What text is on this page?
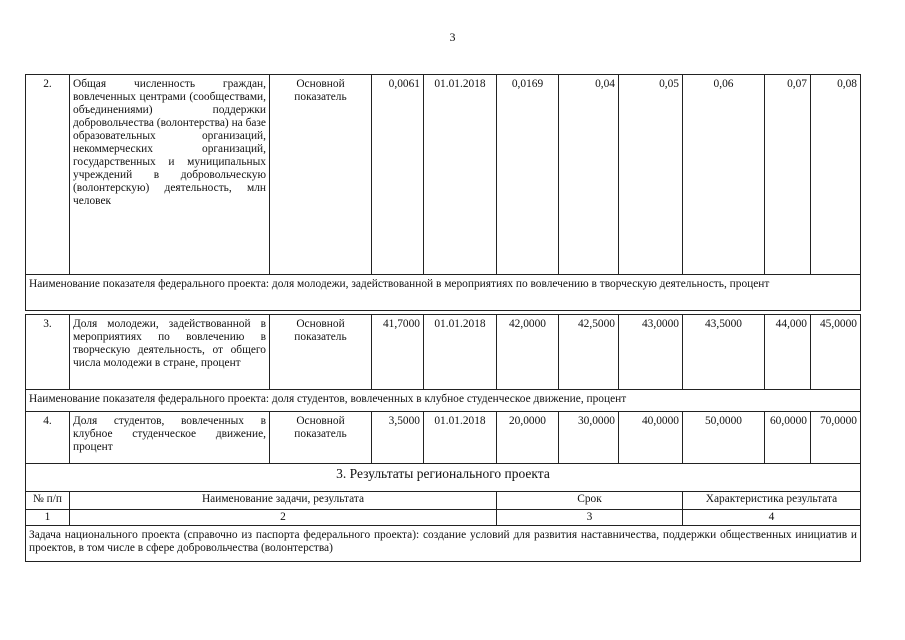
3
2.	Общая численность граждан, вовлеченных центрами (сообществами, объединениями) поддержки добровольчества (волонтерства) на базе образовательных организаций, некоммерческих организаций, государственных и муниципальных учреждений в добровольческую (волонтерскую) деятельность, млн человек	Основной показатель	0,0061	01.01.2018	0,0169	0,04	0,05	0,06	0,07	0,08
Наименование показателя федерального проекта: доля молодежи, задействованной в мероприятиях по вовлечению в творческую деятельность, процент										

3.	Доля молодежи, задействованной в мероприятиях по вовлечению в творческую деятельность, от общего числа молодежи в стране, процент	Основной показатель	41,7000	01.01.2018	42,0000	42,5000	43,0000	43,5000	44,000	45,0000
Наименование показателя федерального проекта: доля студентов, вовлеченных в клубное студенческое движение, процент										
4.	Доля студентов, вовлеченных в клубное студенческое движение, процент	Основной показатель	3,5000	01.01.2018	20,0000	30,0000	40,0000	50,0000	60,0000	70,0000
3. Результаты регионального проекта										
№ п/п	Наименование задачи, результата				Срок			Характеристика результата		
1	2				3			4		
Задача национального проекта (справочно из паспорта федерального проекта): создание условий для развития наставничества, поддержки общественных инициатив и проектов, в том числе в сфере добровольчества (волонтерства)										
